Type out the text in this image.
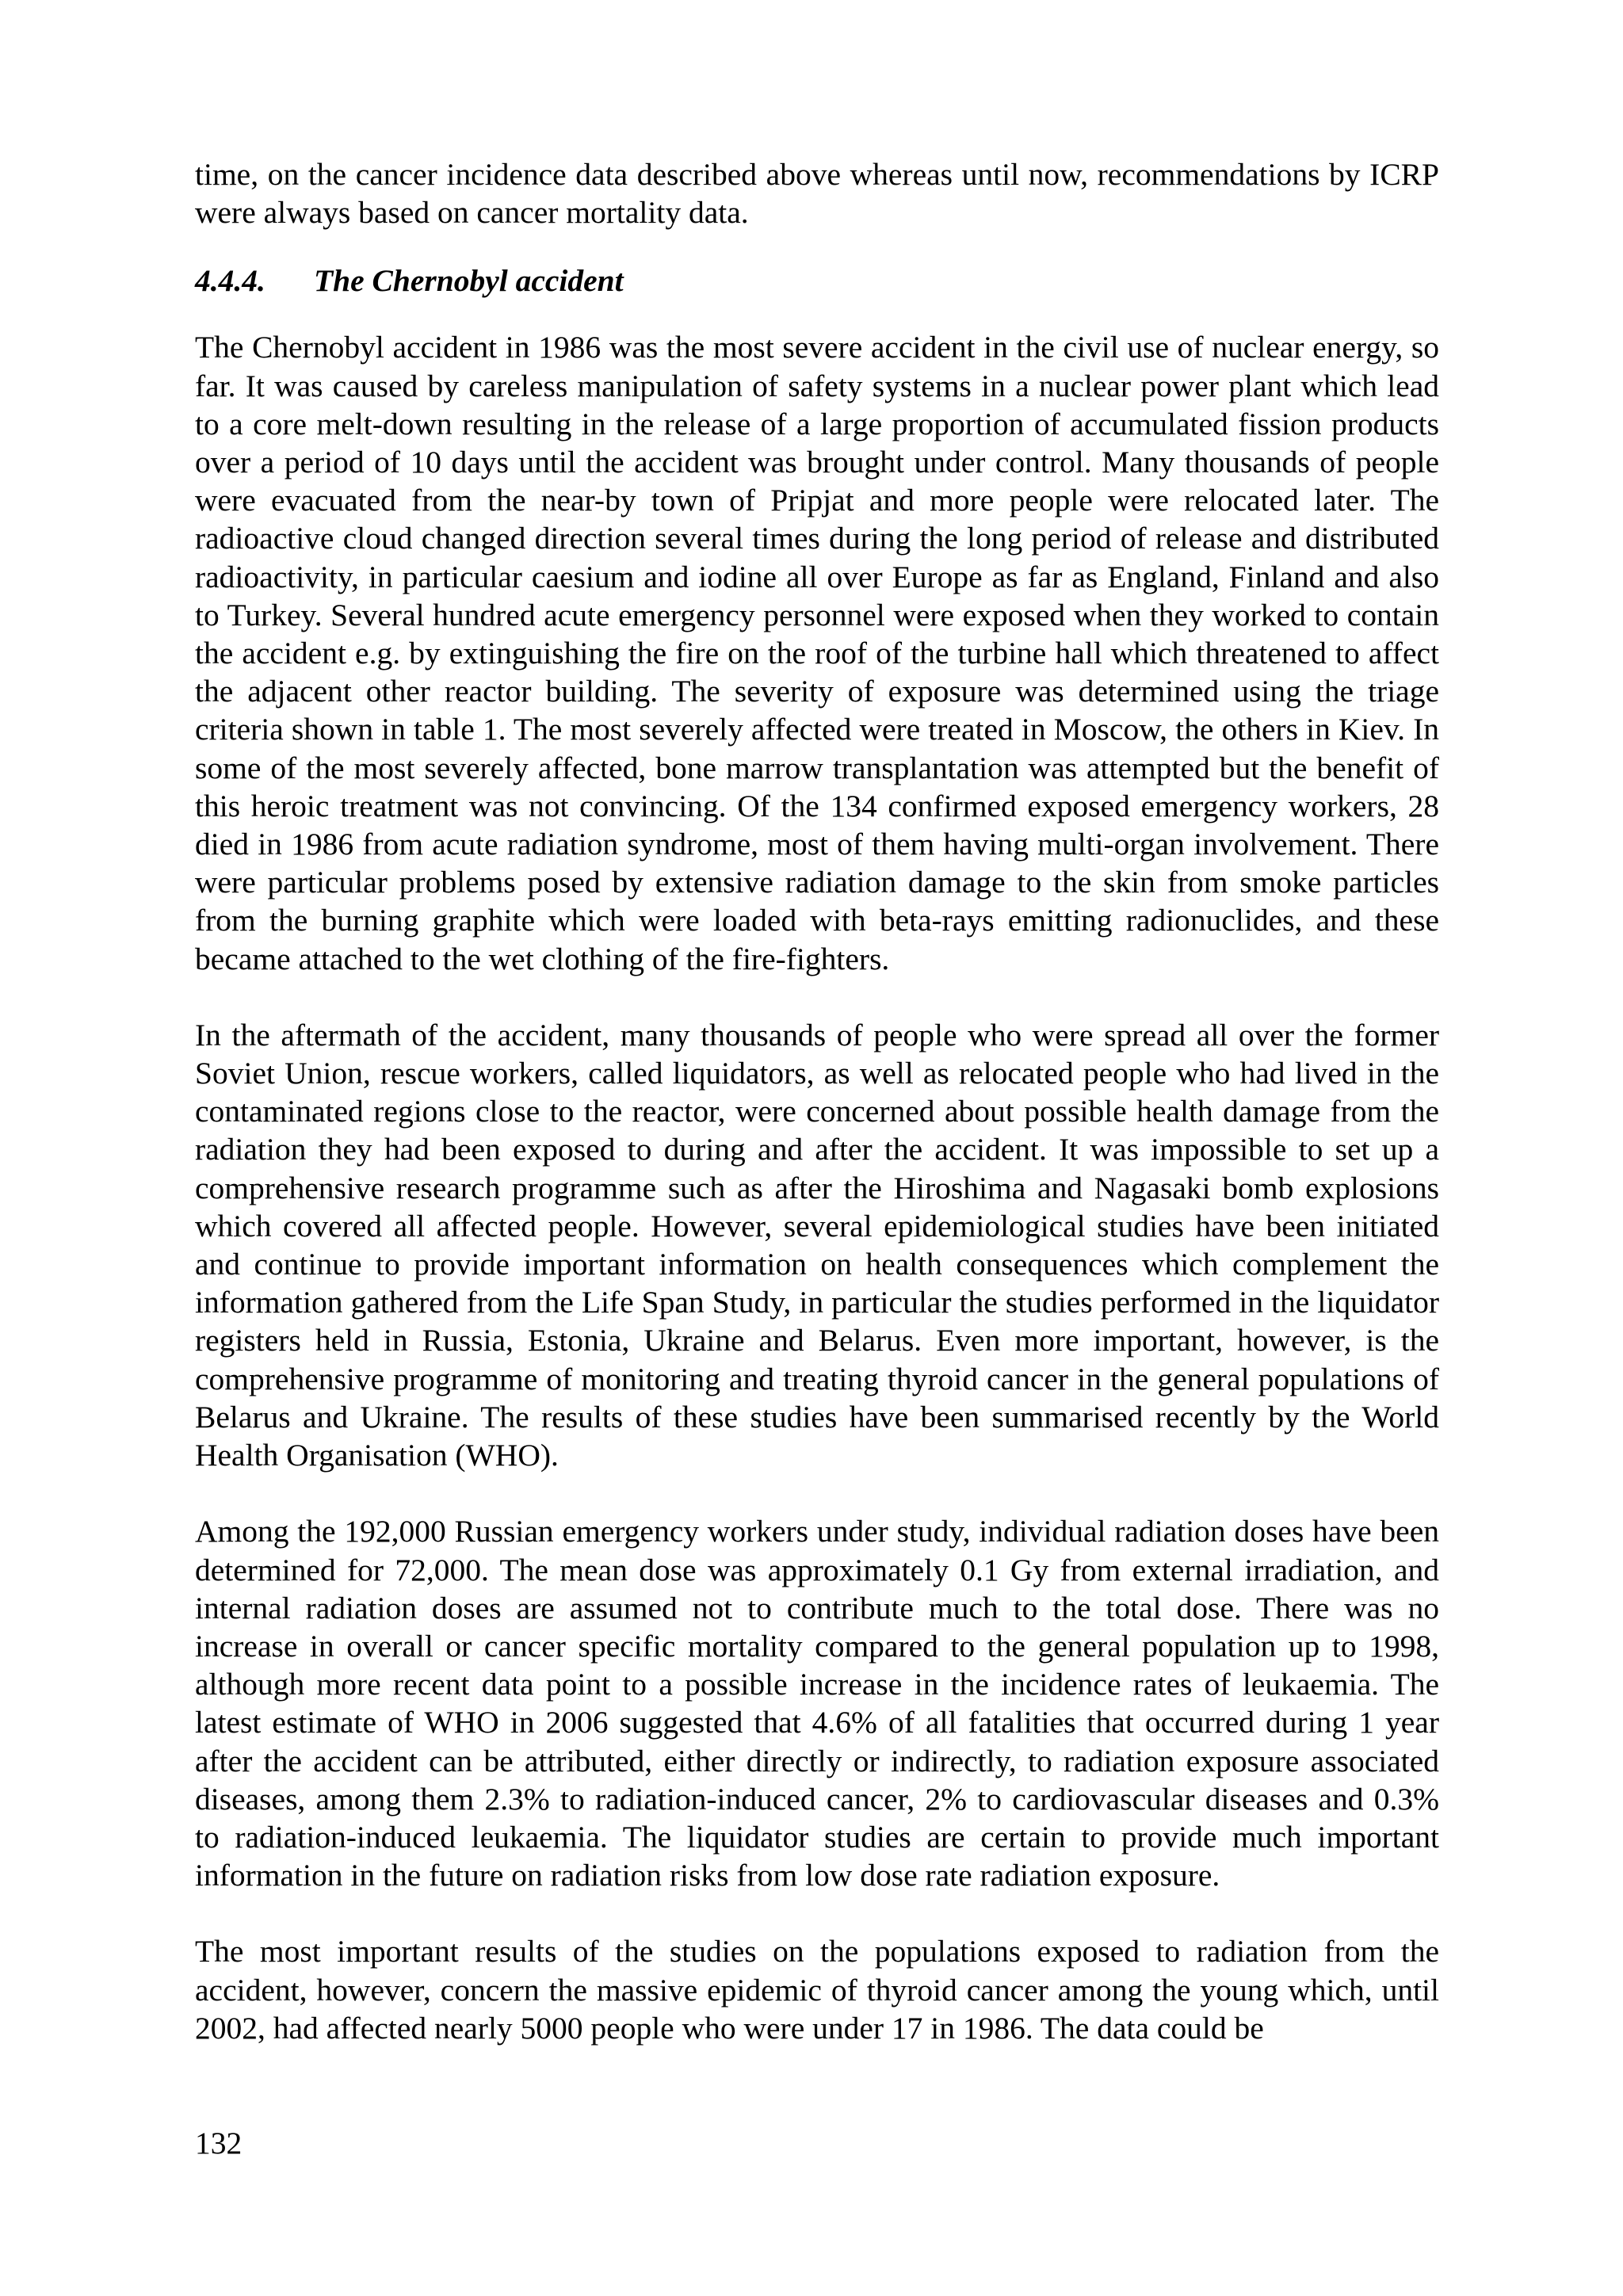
time, on the cancer incidence data described above whereas until now, recommendations by ICRP were always based on cancer mortality data.

4.4.4.	The Chernobyl accident

The Chernobyl accident in 1986 was the most severe accident in the civil use of nuclear energy, so far. It was caused by careless manipulation of safety systems in a nuclear power plant which lead to a core melt-down resulting in the release of a large proportion of accumulated fission products over a period of 10 days until the accident was brought under control. Many thousands of people were evacuated from the near-by town of Pripjat and more people were relocated later. The radioactive cloud changed direction several times during the long period of release and distributed radioactivity, in particular caesium and iodine all over Europe as far as England, Finland and also to Turkey. Several hundred acute emergency personnel were exposed when they worked to contain the accident e.g. by extinguishing the fire on the roof of the turbine hall which threatened to affect the adjacent other reactor building. The severity of exposure was determined using the triage criteria shown in table 1. The most severely affected were treated in Moscow, the others in Kiev. In some of the most severely affected, bone marrow transplantation was attempted but the benefit of this heroic treatment was not convincing. Of the 134 confirmed exposed emergency workers, 28 died in 1986 from acute radiation syndrome, most of them having multi-organ involvement. There were particular problems posed by extensive radiation damage to the skin from smoke particles from the burning graphite which were loaded with beta-rays emitting radionuclides, and these became attached to the wet clothing of the fire-fighters.

In the aftermath of the accident, many thousands of people who were spread all over the former Soviet Union, rescue workers, called liquidators, as well as relocated people who had lived in the contaminated regions close to the reactor, were concerned about possible health damage from the radiation they had been exposed to during and after the accident. It was impossible to set up a comprehensive research programme such as after the Hiroshima and Nagasaki bomb explosions which covered all affected people. However, several epidemiological studies have been initiated and continue to provide important information on health consequences which complement the information gathered from the Life Span Study, in particular the studies performed in the liquidator registers held in Russia, Estonia, Ukraine and Belarus. Even more important, however, is the comprehensive programme of monitoring and treating thyroid cancer in the general populations of Belarus and Ukraine. The results of these studies have been summarised recently by the World Health Organisation (WHO).

Among the 192,000 Russian emergency workers under study, individual radiation doses have been determined for 72,000. The mean dose was approximately 0.1 Gy from external irradiation, and internal radiation doses are assumed not to contribute much to the total dose. There was no increase in overall or cancer specific mortality compared to the general population up to 1998, although more recent data point to a possible increase in the incidence rates of leukaemia. The latest estimate of WHO in 2006 suggested that 4.6% of all fatalities that occurred during 1 year after the accident can be attributed, either directly or indirectly, to radiation exposure associated diseases, among them 2.3% to radiation-induced cancer, 2% to cardiovascular diseases and 0.3% to radiation-induced leukaemia. The liquidator studies are certain to provide much important information in the future on radiation risks from low dose rate radiation exposure.

The most important results of the studies on the populations exposed to radiation from the accident, however, concern the massive epidemic of thyroid cancer among the young which, until 2002, had affected nearly 5000 people who were under 17 in 1986. The data could be

132
